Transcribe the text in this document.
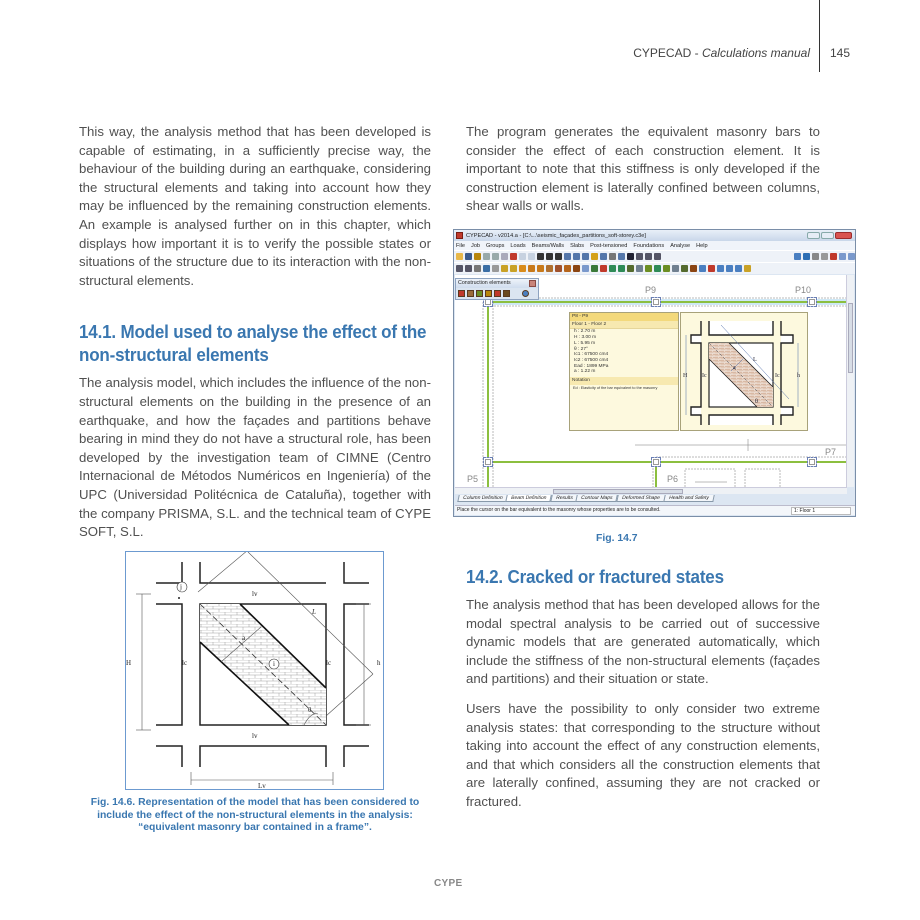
CYPECAD - Calculations manual 145

This way, the analysis method that has been developed is capable of estimating, in a sufficiently precise way, the behaviour of the building during an earthquake, considering the structural elements and taking into account how they may be influenced by the remaining construction elements. An example is analysed further on in this chapter, which displays how important it is to verify the possible states or situations of the structure due to its interaction with the non-structural elements.

14.1. Model used to analyse the effect of the
non-structural elements

The analysis model, which includes the influence of the non-structural elements on the building in the presence of an earthquake, and how the façades and partitions behave bearing in mind they do not have a structural role, has been developed by the investigation team of CIMNE (Centro Internacional de Métodos Numéricos en Ingeniería) of the UPC (Universidad Politécnica de Cataluña), together with the company PRISMA, S.L. and the technical team of CYPE SOFT, S.L.

j
i
lv
lv
lc	lc
H	h
L
a
θ
Lv
Fig. 14.6. Representation of the model that has been considered to include the effect of the non-structural elements in the analysis: “equivalent masonry bar contained in a frame”.

The program generates the equivalent masonry bars to consider the effect of each construction element. It is important to note that this stiffness is only developed if the construction element is laterally confined between columns, shear walls or walls.

CYPECAD - v2014.a - [C:\...\seismic_façades_partitions_soft-storey.c3e]
File Job Groups Loads Beams/Walls Slabs Post-tensioned Foundations Analyse Help
P9	P10
P5	P6
P7
P8 - P9
Floor 1 - Floor 2
h : 2.70 m
H : 3.00 m
L : 5.95 m
θ : 27°
Ic1 : 67500 cm4
Ic2 : 67500 cm4
Ead : 1899 MPa
a : 1.22 m
Notation
Ed : Elasticity of the bar equivalent to the masonry
H	h
L
a
Ic	Ic
θ
Construction elements
Column Definition	Beam Definition	Results	Contour Maps	Deformed Shape	Health and Safety
Place the cursor on the bar equivalent to the masonry whose properties are to be consulted.	1: Floor 1
Fig. 14.7
14.2. Cracked or fractured states

The analysis method that has been developed allows for the modal spectral analysis to be carried out of successive dynamic models that are generated automatically, which include the stiffness of the non-structural elements (façades and partitions) and their situation or state.

Users have the possibility to only consider two extreme analysis states: that corresponding to the structure without taking into account the effect of any construction elements, and that which considers all the construction elements that are laterally confined, assuming they are not cracked or fractured.

CYPE
